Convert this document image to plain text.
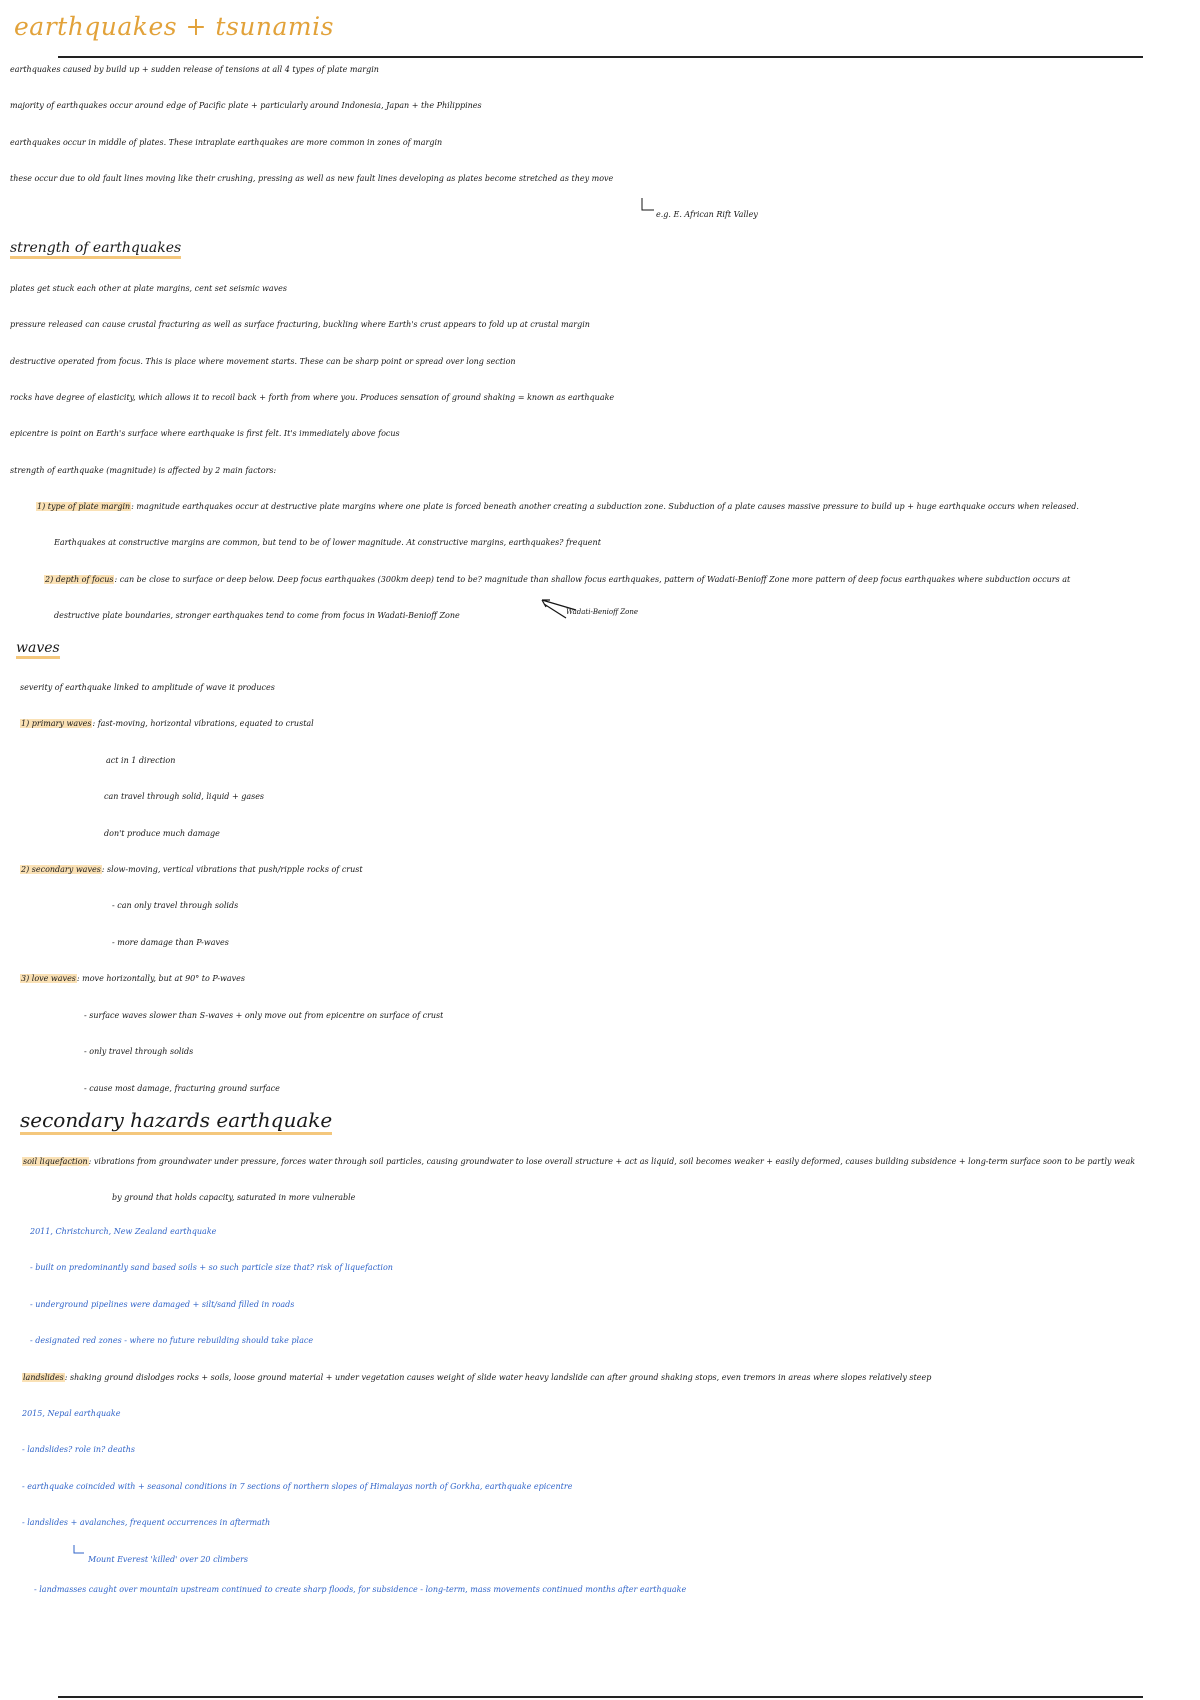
earthquakes + tsunamis
earthquakes caused by build up + sudden release of tensions at all 4 types of plate margin
majority of earthquakes occur around edge of Pacific plate + particularly around Indonesia, Japan + the Philippines
earthquakes occur in middle of plates. These intraplate earthquakes are more common in zones of margin
these occur due to old fault lines moving like their crushing, pressing as well as new fault lines developing as plates become stretched as they move
e.g. E. African Rift Valley
strength of earthquakes
plates get stuck each other at plate margins, cent set seismic waves
pressure released can cause crustal fracturing as well as surface fracturing, buckling where Earth's crust appears to fold up at crustal margin
destructive operated from focus. This is place where movement starts. These can be sharp point or spread over long section
rocks have degree of elasticity, which allows it to recoil back + forth from where you. Produces sensation of ground shaking = known as earthquake
epicentre is point on Earth's surface where earthquake is first felt. It's immediately above focus
strength of earthquake (magnitude) is affected by 2 main factors:
1) type of plate margin: magnitude earthquakes occur at destructive plate margins where one plate is forced beneath another creating a subduction zone. Subduction of a plate causes massive pressure to build up + huge earthquake occurs when released.
Earthquakes at constructive margins are common, but tend to be of lower magnitude. At constructive margins, earthquakes? frequent
2) depth of focus: can be close to surface or deep below. Deep focus earthquakes (300km deep) tend to be? magnitude than shallow focus earthquakes, pattern of Wadati-Benioff Zone more pattern of deep focus earthquakes where subduction occurs at
destructive plate boundaries, stronger earthquakes tend to come from focus in Wadati-Benioff Zone	Wadati-Benioff Zone
waves
severity of earthquake linked to amplitude of wave it produces
1) primary waves: fast-moving, horizontal vibrations, equated to crustal
act in 1 direction
can travel through solid, liquid + gases
don't produce much damage
2) secondary waves: slow-moving, vertical vibrations that push/ripple rocks of crust
- can only travel through solids
- more damage than P-waves
3) love waves: move horizontally, but at 90° to P-waves
- surface waves slower than S-waves + only move out from epicentre on surface of crust
- only travel through solids
- cause most damage, fracturing ground surface
secondary hazards earthquake
soil liquefaction: vibrations from groundwater under pressure, forces water through soil particles, causing groundwater to lose overall structure + act as liquid, soil becomes weaker + easily deformed, causes building subsidence + long-term surface soon to be partly weak
by ground that holds capacity, saturated in more vulnerable
2011, Christchurch, New Zealand earthquake
- built on predominantly sand based soils + so such particle size that? risk of liquefaction
- underground pipelines were damaged + silt/sand filled in roads
- designated red zones - where no future rebuilding should take place
landslides: shaking ground dislodges rocks + soils, loose ground material + under vegetation causes weight of slide water heavy landslide can after ground shaking stops, even tremors in areas where slopes relatively steep
2015, Nepal earthquake
- landslides? role in? deaths
- earthquake coincided with + seasonal conditions in 7 sections of northern slopes of Himalayas north of Gorkha, earthquake epicentre
- landslides + avalanches, frequent occurrences in aftermath
Mount Everest 'killed' over 20 climbers
- landmasses caught over mountain upstream continued to create sharp floods, for subsidence - long-term, mass movements continued months after earthquake
